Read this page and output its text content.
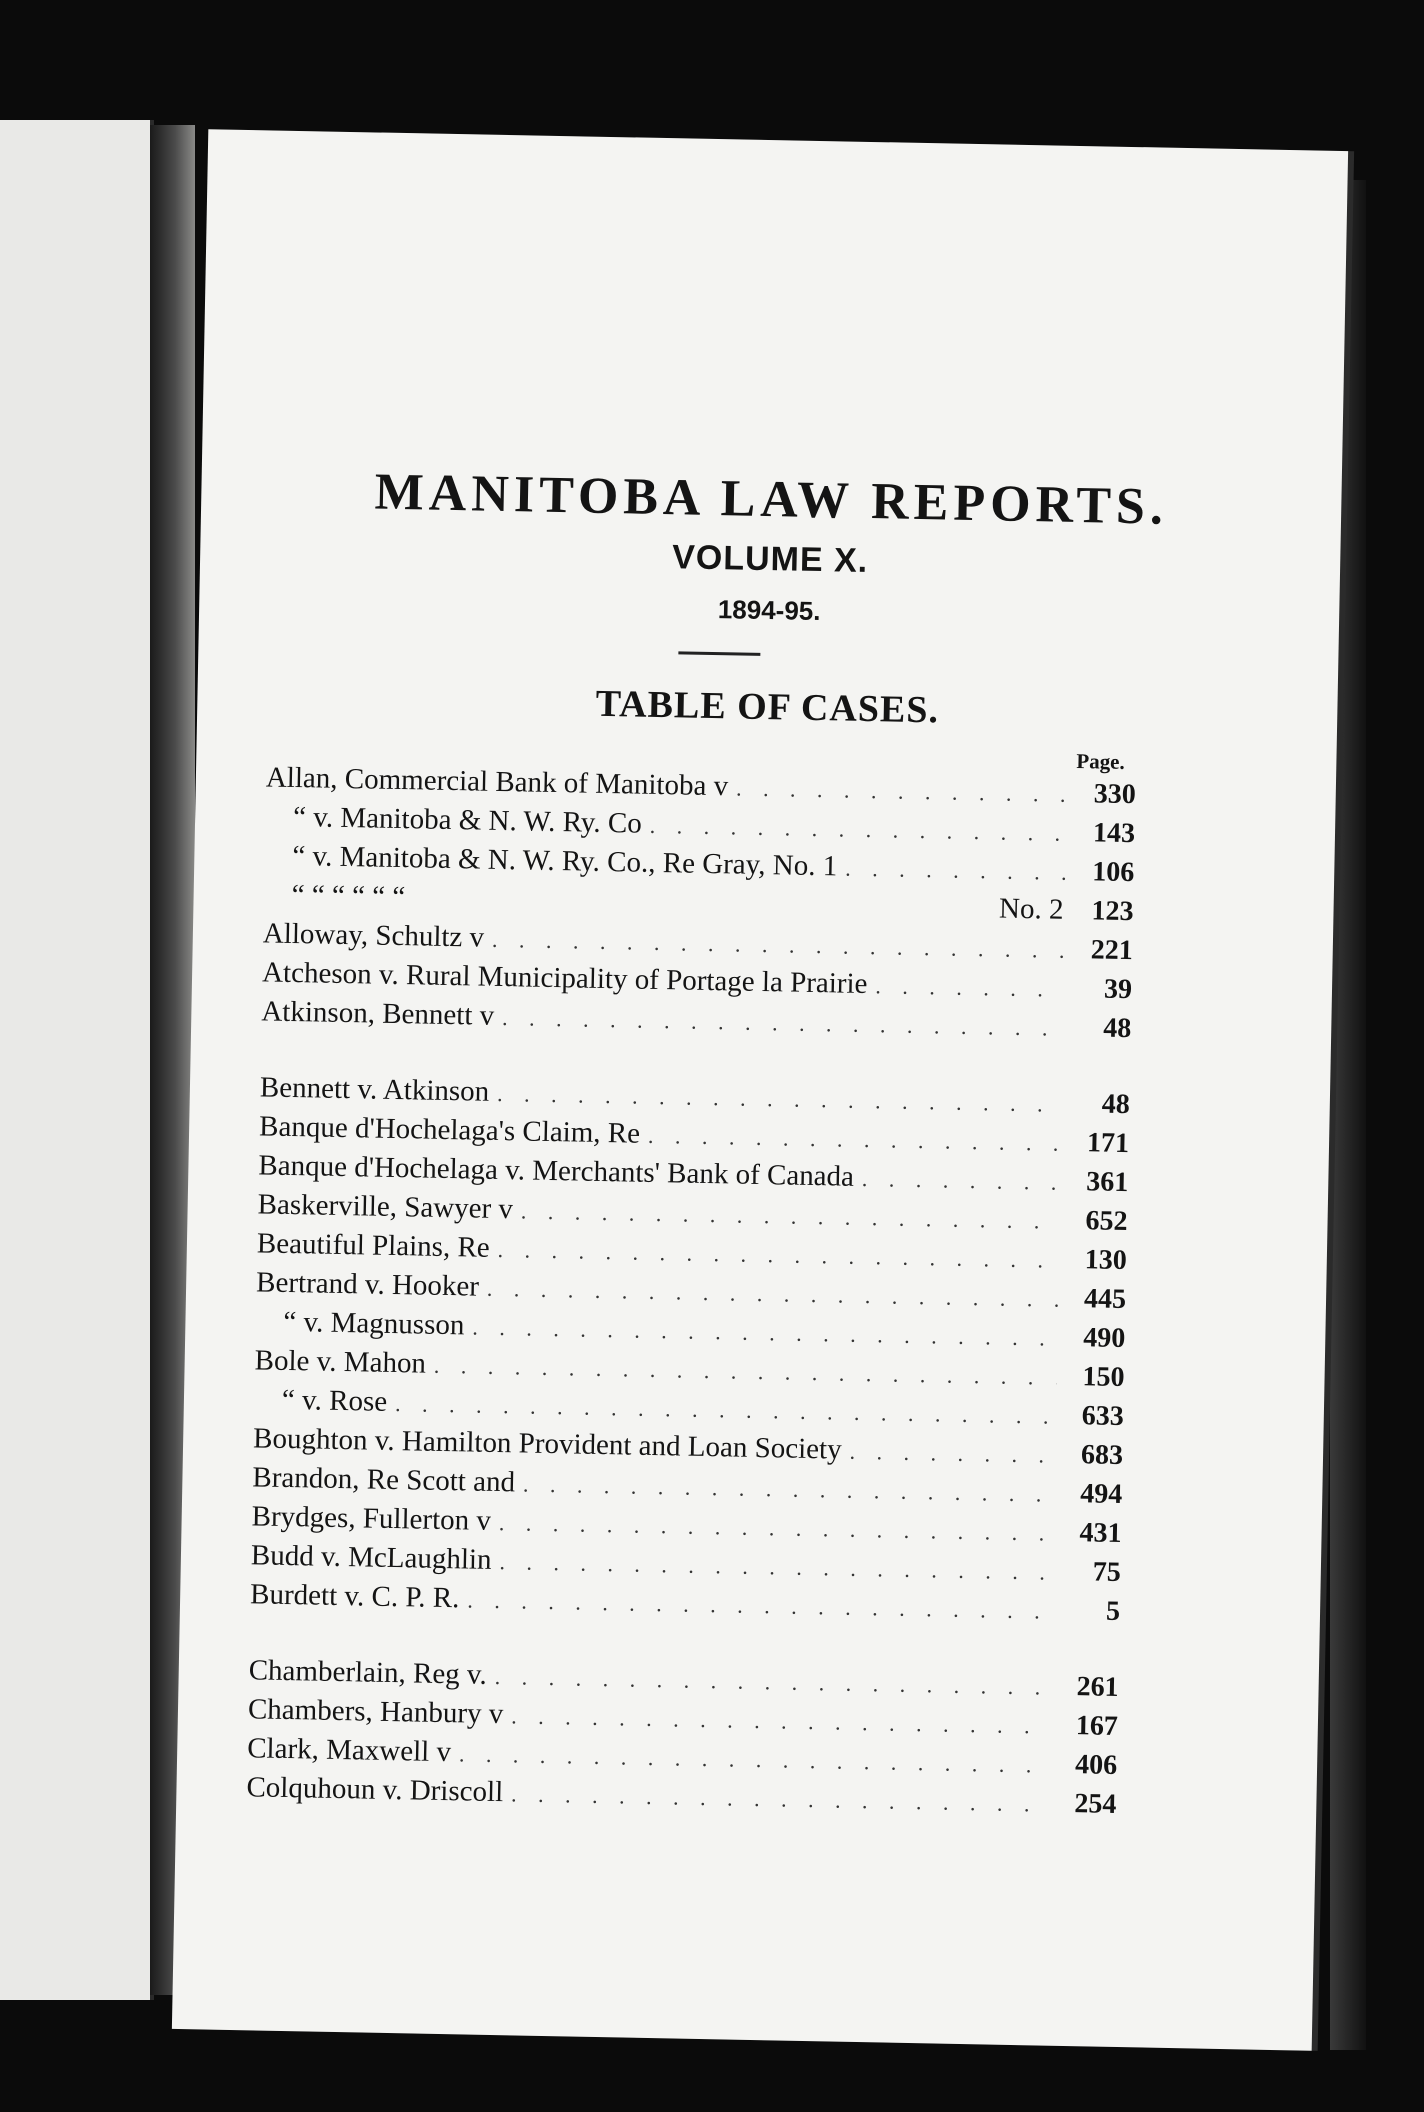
MANITOBA LAW REPORTS.
VOLUME X.
1894-95.
TABLE OF CASES.
Page.
Allan, Commercial Bank of Manitoba v . . .	330
“ v. Manitoba & N. W. Ry. Co . . .	143
“ v. Manitoba & N. W. Ry. Co., Re Gray, No. 1 . . .	106
“ “ “ “ “ “	No. 2 123
Alloway, Schultz v . . .	221
Atcheson v. Rural Municipality of Portage la Prairie . . .	39
Atkinson, Bennett v . . .	48
Bennett v. Atkinson . . .	48
Banque d'Hochelaga's Claim, Re . . .	171
Banque d'Hochelaga v. Merchants' Bank of Canada . . .	361
Baskerville, Sawyer v . . .	652
Beautiful Plains, Re . . .	130
Bertrand v. Hooker . . .	445
“ v. Magnusson . . .	490
Bole v. Mahon . . .	150
“ v. Rose . . .	633
Boughton v. Hamilton Provident and Loan Society . . .	683
Brandon, Re Scott and . . .	494
Brydges, Fullerton v . . .	431
Budd v. McLaughlin . . .	75
Burdett v. C. P. R. . . .	5
Chamberlain, Reg v. . . .	261
Chambers, Hanbury v . . .	167
Clark, Maxwell v . . .	406
Colquhoun v. Driscoll . . .	254
